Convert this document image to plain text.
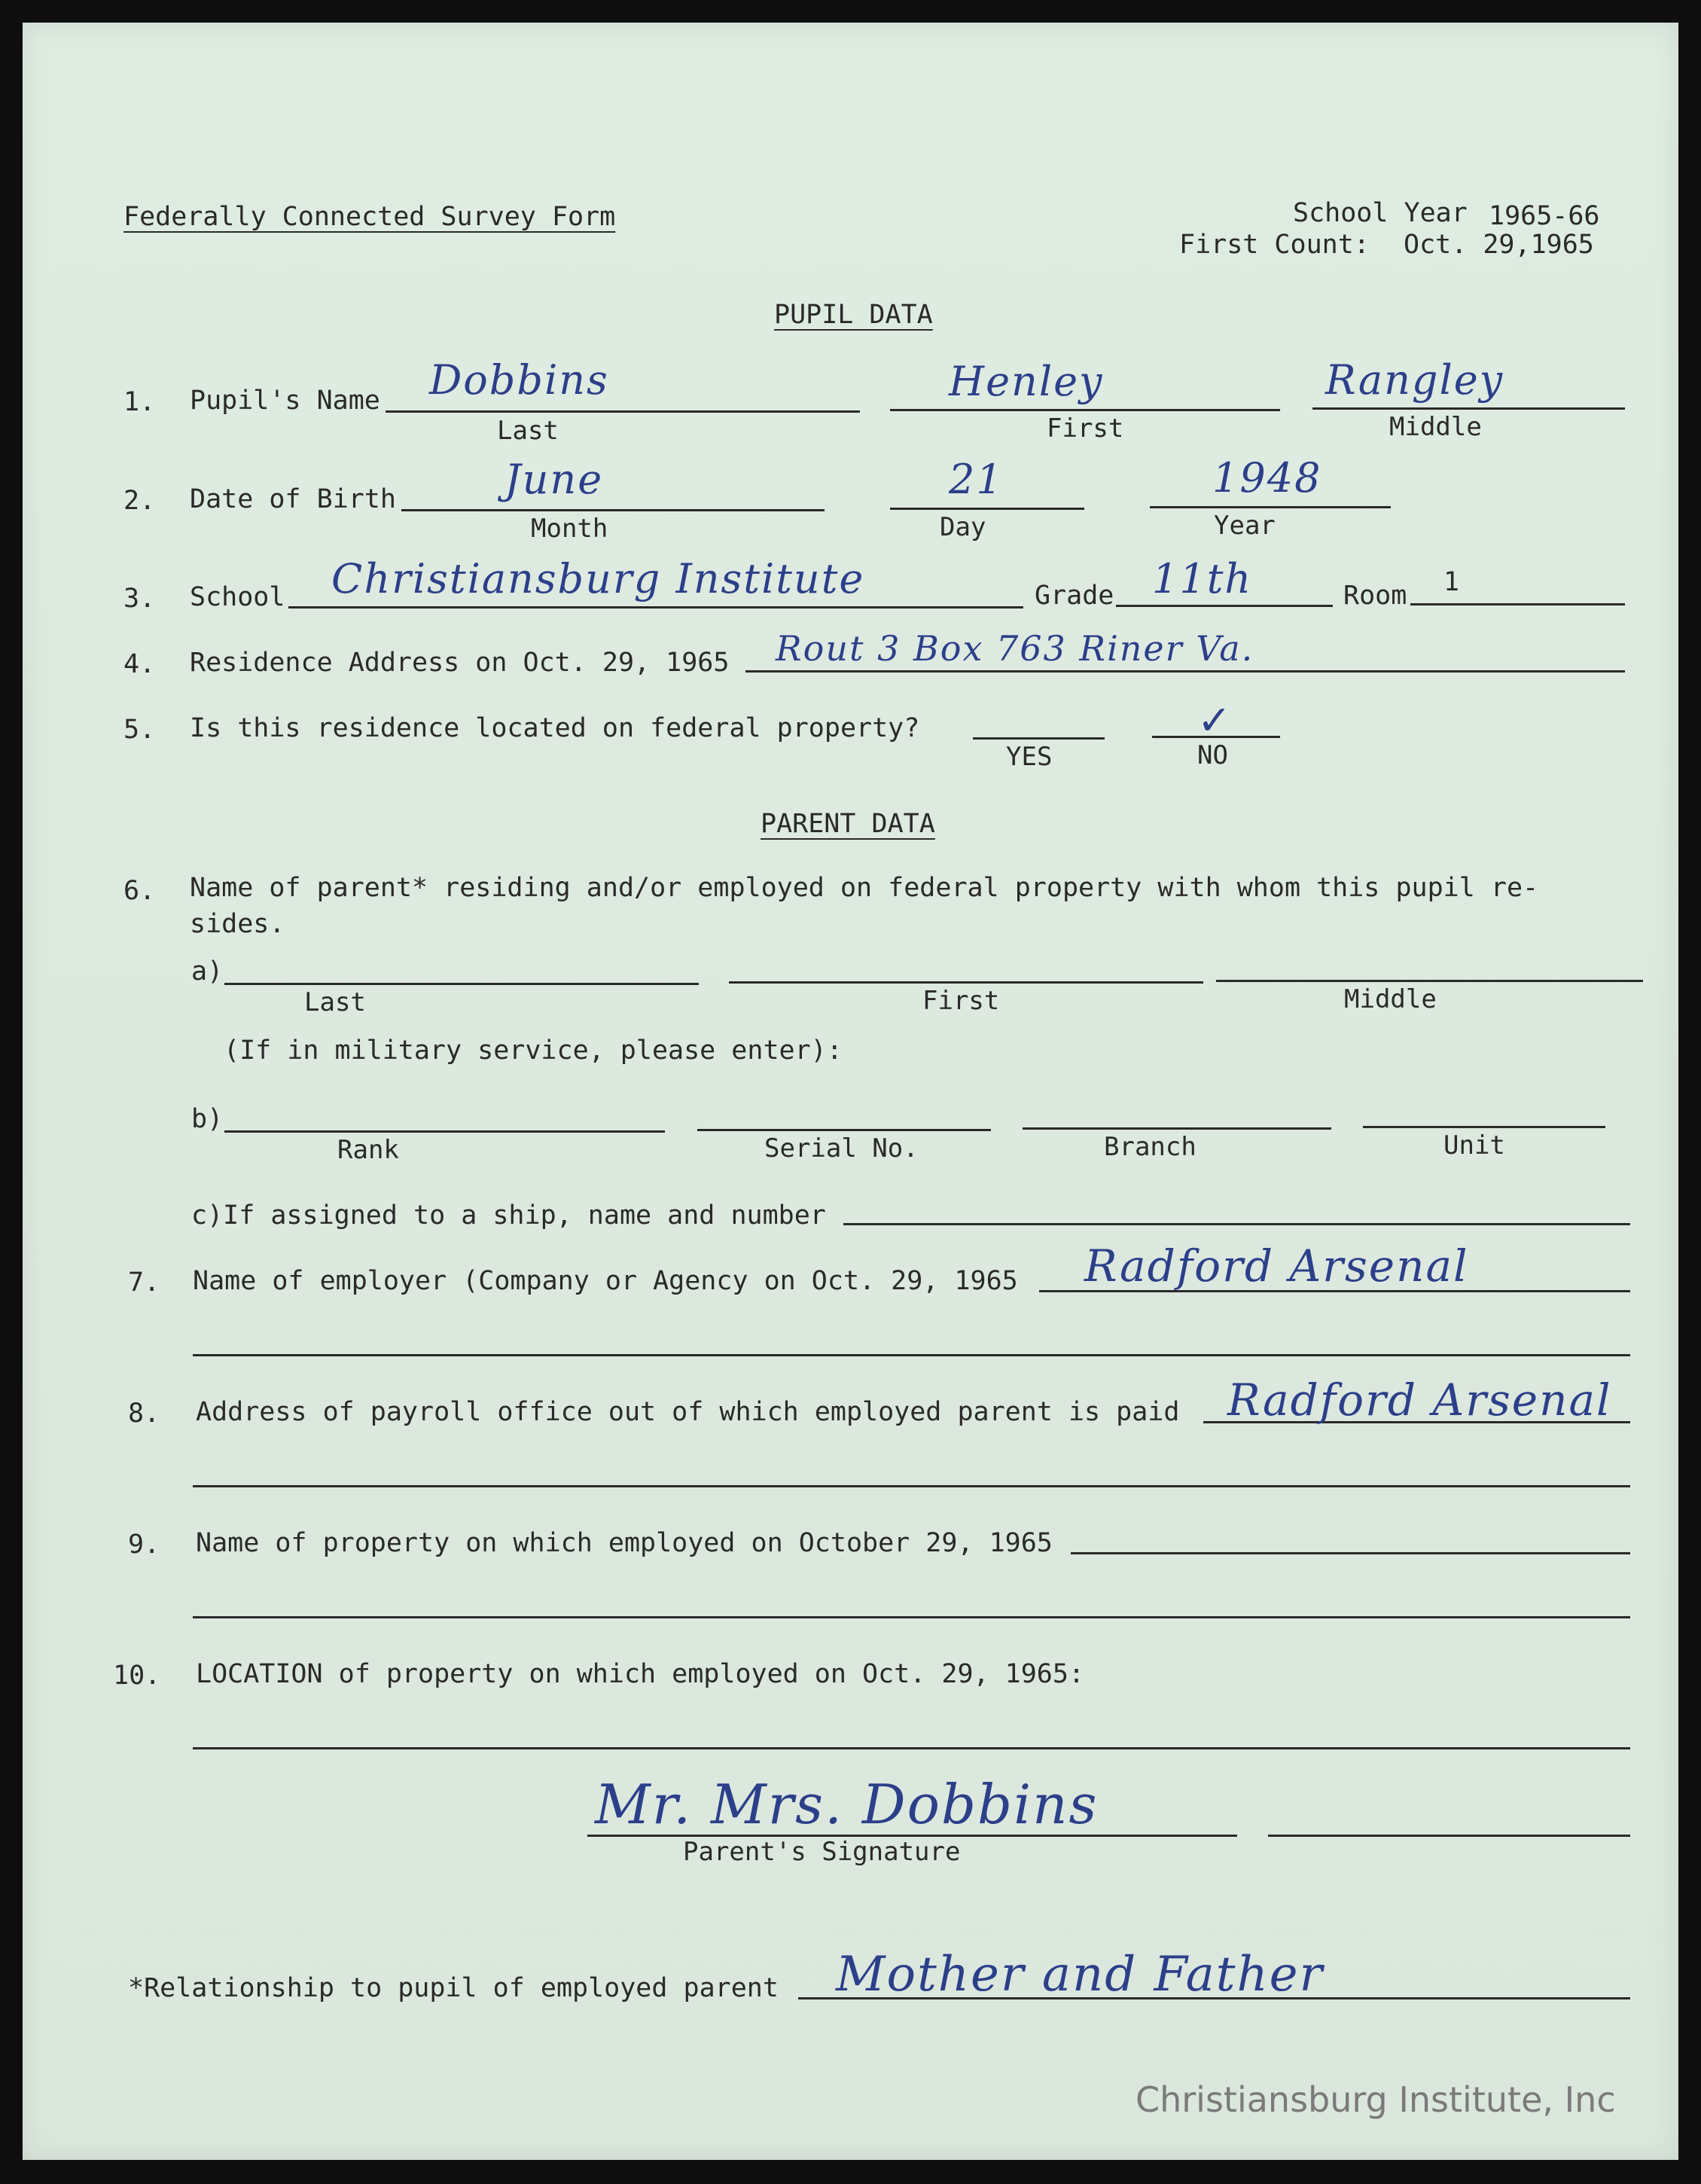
Federally Connected Survey Form	School Year 1965-66
First Count: Oct. 29,1965
PUPIL DATA
1. Pupil's Name Dobbins	Henley	Rangley
Last	First	Middle
2. Date of Birth	June	21	1948
Month	Day	Year
3. School Christiansburg Institute	Grade 11th	Room 1
4. Residence Address on Oct. 29, 1965 Rout 3 Box 763 Riner Va.
5. Is this residence located on federal property?	✓
YES	NO
PARENT DATA
6. Name of parent* residing and/or employed on federal property with whom this pupil re-
sides.
a)
Last	First	Middle
(If in military service, please enter):
b)
Rank	Serial No.	Branch	Unit
c)If assigned to a ship, name and number
7. Name of employer (Company or Agency on Oct. 29, 1965 Radford Arsenal
8. Address of payroll office out of which employed parent is paid Radford Arsenal
9. Name of property on which employed on October 29, 1965
10. LOCATION of property on which employed on Oct. 29, 1965:
Mr. Mrs. Dobbins
Parent's Signature
*Relationship to pupil of employed parent Mother and Father
Christiansburg Institute, Inc
